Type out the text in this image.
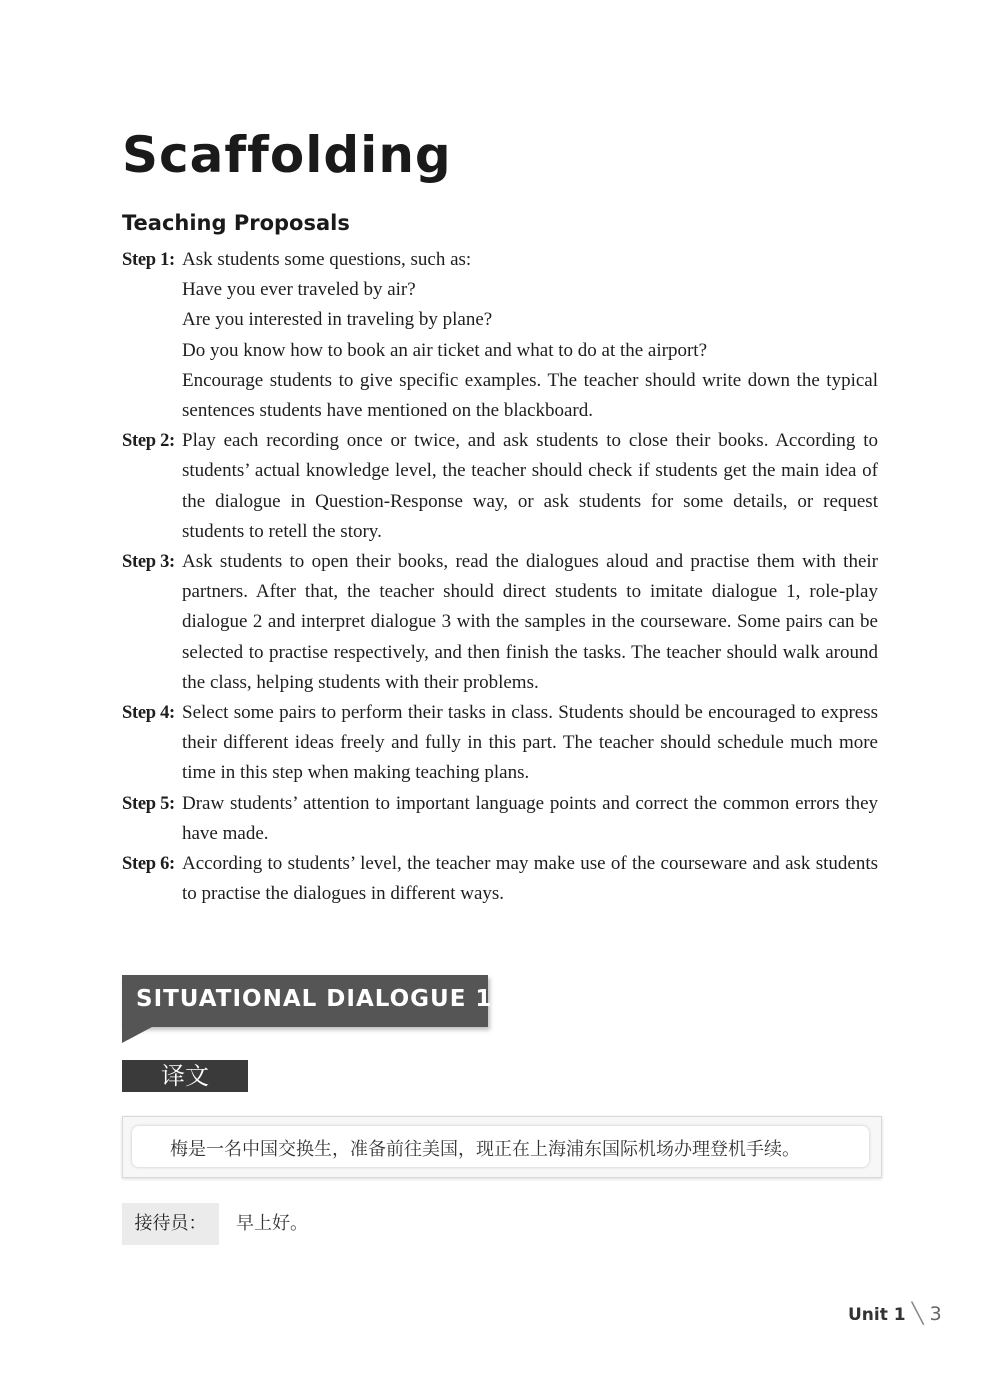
Scaffolding
Teaching Proposals
Step 1: Ask students some questions, such as:

Have you ever traveled by air?

Are you interested in traveling by plane?

Do you know how to book an air ticket and what to do at the airport?

Encourage students to give specific examples. The teacher should write down the typical sentences students have mentioned on the blackboard.

Step 2: Play each recording once or twice, and ask students to close their books. According to students’ actual knowledge level, the teacher should check if students get the main idea of the dialogue in Question-Response way, or ask students for some details, or request students to retell the story.

Step 3: Ask students to open their books, read the dialogues aloud and practise them with their partners. After that, the teacher should direct students to imitate dialogue 1, role-play dialogue 2 and interpret dialogue 3 with the samples in the courseware. Some pairs can be selected to practise respectively, and then finish the tasks. The teacher should walk around the class, helping students with their problems.

Step 4: Select some pairs to perform their tasks in class. Students should be encouraged to express their different ideas freely and fully in this part. The teacher should schedule much more time in this step when making teaching plans.

Step 5: Draw students’ attention to important language points and correct the common errors they have made.

Step 6: According to students’ level, the teacher may make use of the courseware and ask students to practise the dialogues in different ways.

SITUATIONAL DIALOGUE 1
译文
梅是一名中国交换生，准备前往美国，现正在上海浦东国际机场办理登机手续。
接待员：	早上好。
Unit 1 ╲ 3
